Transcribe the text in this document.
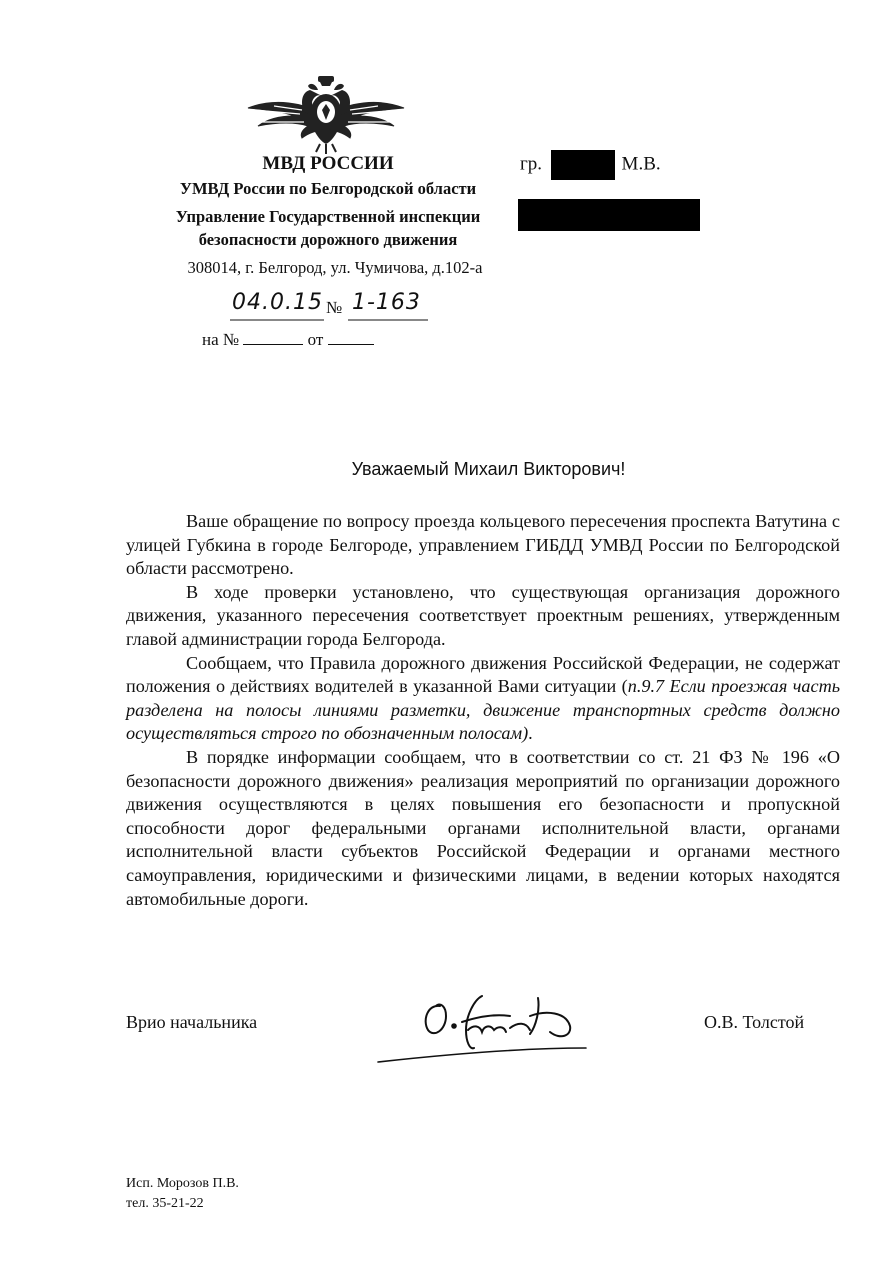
МВД РОССИИ
УМВД России по Белгородской области
Управление Государственной инспекции
безопасности дорожного движения
308014, г. Белгород, ул. Чумичова, д.102-а
04.0.15 № 1-163
на №	от
гр.	М.В.
Уважаемый Михаил Викторович!

Ваше обращение по вопросу проезда кольцевого пересечения проспекта Ватутина с улицей Губкина в городе Белгороде, управлением ГИБДД УМВД России по Белгородской области рассмотрено.

В ходе проверки установлено, что существующая организация дорожного движения, указанного пересечения соответствует проектным решениях, утвержденным главой администрации города Белгорода.

Сообщаем, что Правила дорожного движения Российской Федерации, не содержат положения о действиях водителей в указанной Вами ситуации (п.9.7 Если проезжая часть разделена на полосы линиями разметки, движение транспортных средств должно осуществляться строго по обозначенным полосам).

В порядке информации сообщаем, что в соответствии со ст. 21 ФЗ № 196 «О безопасности дорожного движения» реализация мероприятий по организации дорожного движения осуществляются в целях повышения его безопасности и пропускной способности дорог федеральными органами исполнительной власти, органами исполнительной власти субъектов Российской Федерации и органами местного самоуправления, юридическими и физическими лицами, в ведении которых находятся автомобильные дороги.

Врио начальника	О.В. Толстой
Исп. Морозов П.В.
тел. 35-21-22
